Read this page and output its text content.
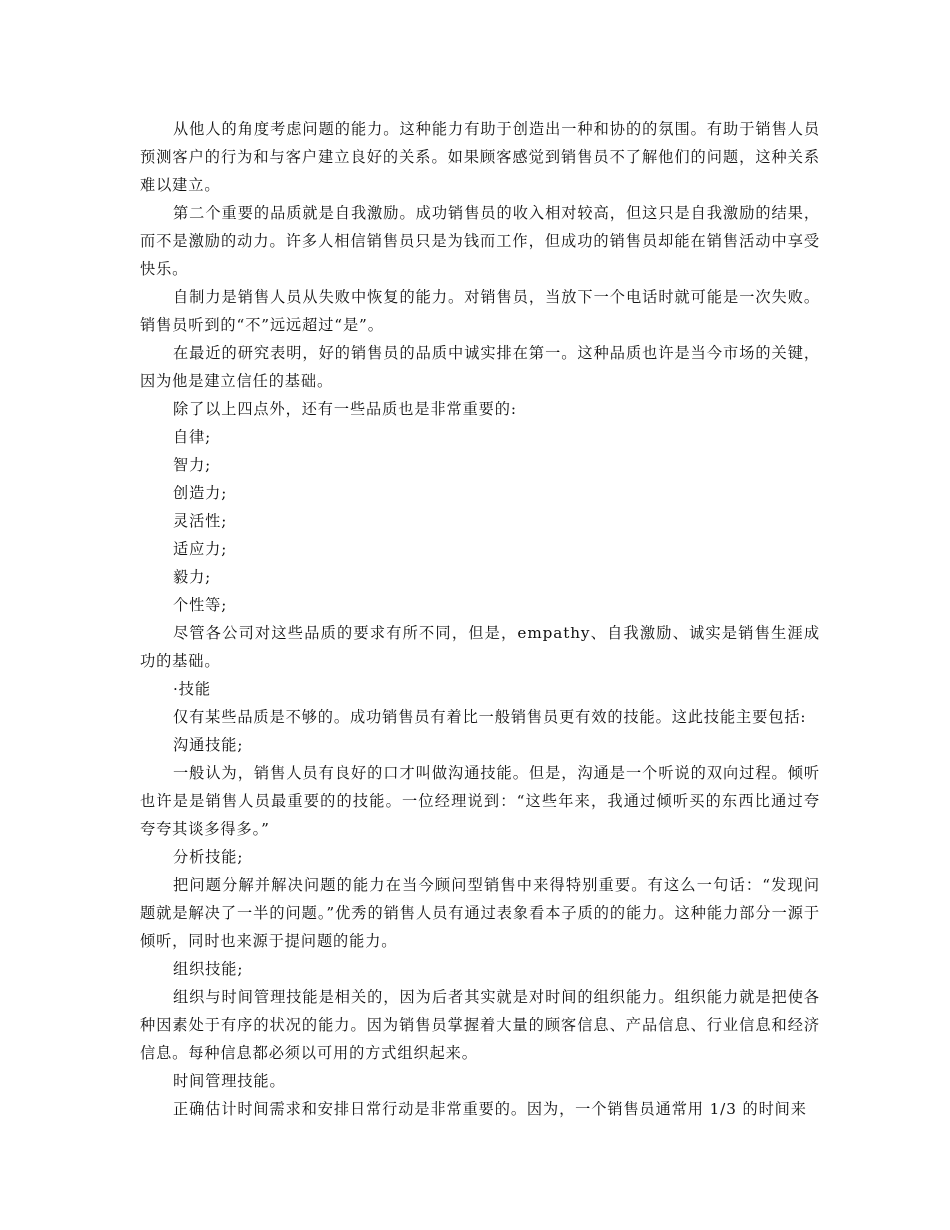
从他人的角度考虑问题的能力。这种能力有助于创造出一种和协的的氛围。有助于销售人员预测客户的行为和与客户建立良好的关系。如果顾客感觉到销售员不了解他们的问题，这种关系难以建立。

第二个重要的品质就是自我激励。成功销售员的收入相对较高，但这只是自我激励的结果，而不是激励的动力。许多人相信销售员只是为钱而工作，但成功的销售员却能在销售活动中享受快乐。

自制力是销售人员从失败中恢复的能力。对销售员，当放下一个电话时就可能是一次失败。销售员听到的“不”远远超过“是”。

在最近的研究表明，好的销售员的品质中诚实排在第一。这种品质也许是当今市场的关键，因为他是建立信任的基础。

除了以上四点外，还有一些品质也是非常重要的:

自律;

智力;

创造力;

灵活性;

适应力;

毅力;

个性等;

尽管各公司对这些品质的要求有所不同，但是，empathy、自我激励、诚实是销售生涯成功的基础。

·技能

仅有某些品质是不够的。成功销售员有着比一般销售员更有效的技能。这此技能主要包括:

沟通技能;

一般认为，销售人员有良好的口才叫做沟通技能。但是，沟通是一个听说的双向过程。倾听也许是是销售人员最重要的的技能。一位经理说到：“这些年来，我通过倾听买的东西比通过夸夸夸其谈多得多。”

分析技能;

把问题分解并解决问题的能力在当今顾问型销售中来得特别重要。有这么一句话：“发现问题就是解决了一半的问题。”优秀的销售人员有通过表象看本子质的的能力。这种能力部分一源于倾听，同时也来源于提问题的能力。

组织技能;

组织与时间管理技能是相关的，因为后者其实就是对时间的组织能力。组织能力就是把使各种因素处于有序的状况的能力。因为销售员掌握着大量的顾客信息、产品信息、行业信息和经济信息。每种信息都必须以可用的方式组织起来。

时间管理技能。

正确估计时间需求和安排日常行动是非常重要的。因为，一个销售员通常用 1/3 的时间来
